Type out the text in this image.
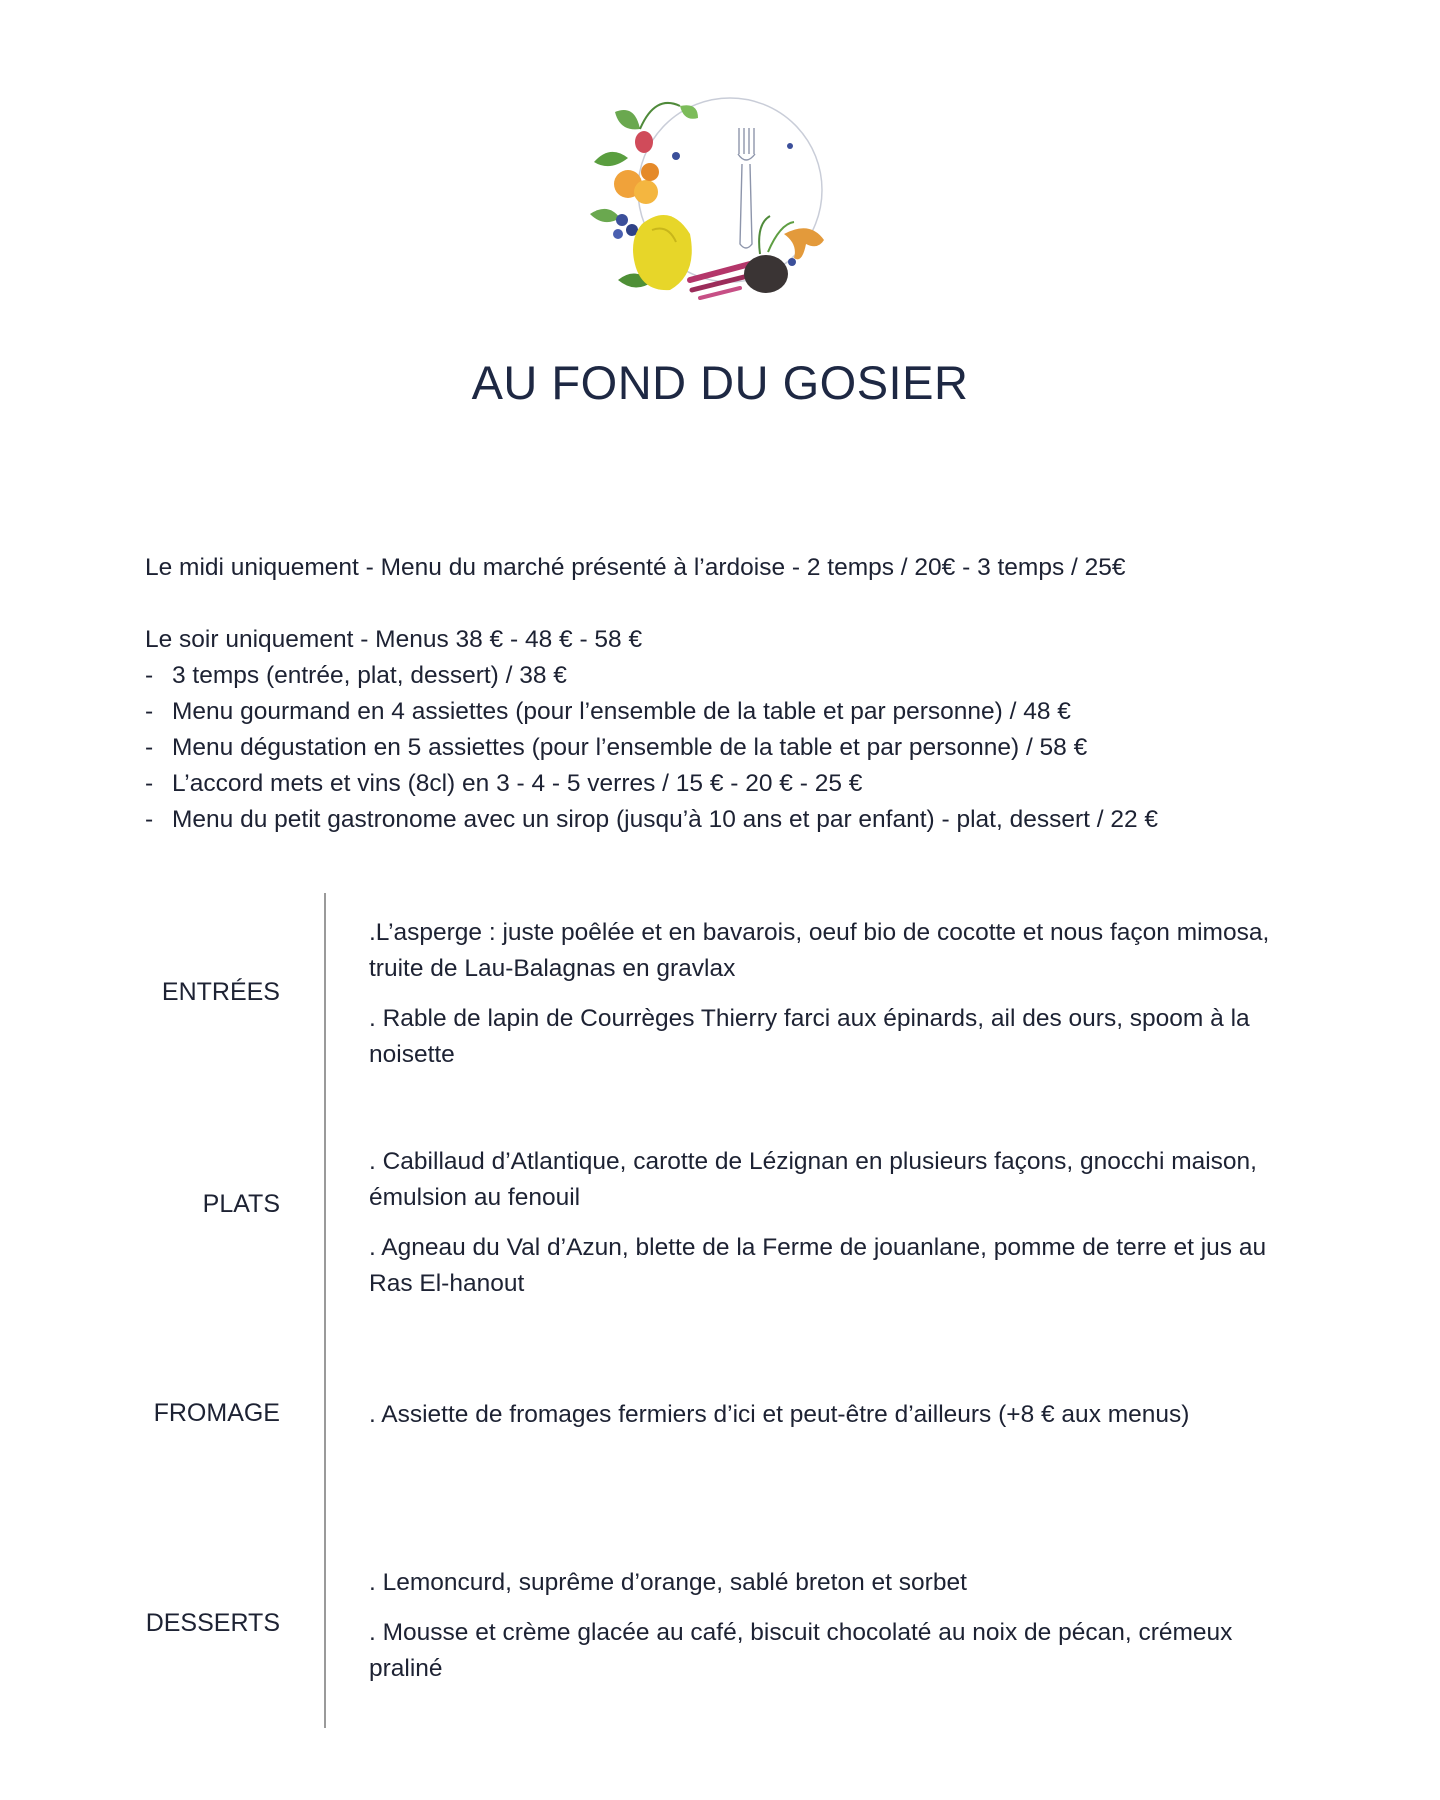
AU FOND DU GOSIER

Le midi uniquement - Menu du marché présenté à l’ardoise - 2 temps / 20€ - 3 temps / 25€

Le soir uniquement - Menus 38 € - 48 € - 58 €

- 3 temps (entrée, plat, dessert) / 38 €

- Menu gourmand en 4 assiettes (pour l’ensemble de la table et par personne) / 48 €

- Menu dégustation en 5 assiettes (pour l’ensemble de la table et par personne) / 58 €

- L’accord mets et vins (8cl) en 3 - 4 - 5 verres / 15 € - 20 € - 25 €

- Menu du petit gastronome avec un sirop (jusqu’à 10 ans et par enfant) - plat, dessert / 22 €

ENTRÉES

.L’asperge : juste poêlée et en bavarois, oeuf bio de cocotte et nous façon mimosa, truite de Lau-Balagnas en gravlax

. Rable de lapin de Courrèges Thierry farci aux épinards, ail des ours, spoom à la noisette

PLATS

. Cabillaud d’Atlantique, carotte de Lézignan en plusieurs façons, gnocchi maison, émulsion au fenouil

. Agneau du Val d’Azun, blette de la Ferme de jouanlane, pomme de terre et jus au Ras El-hanout

FROMAGE	. Assiette de fromages fermiers d’ici et peut-être d’ailleurs (+8 € aux menus)

DESSERTS

. Lemoncurd, suprême d’orange, sablé breton et sorbet

. Mousse et crème glacée au café, biscuit chocolaté au noix de pécan, crémeux praliné
